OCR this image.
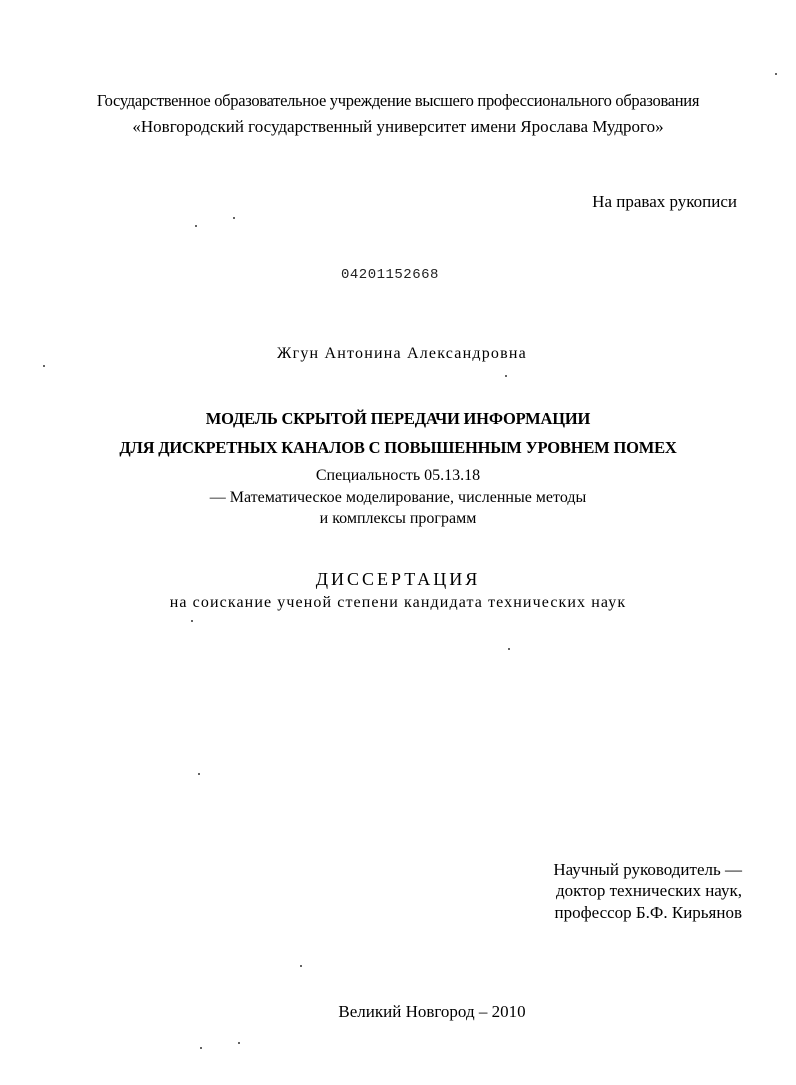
Государственное образовательное учреждение высшего профессионального образования
«Новгородский государственный университет имени Ярослава Мудрого»
На правах рукописи
04201152668
Жгун Антонина Александровна
МОДЕЛЬ СКРЫТОЙ ПЕРЕДАЧИ ИНФОРМАЦИИ
ДЛЯ ДИСКРЕТНЫХ КАНАЛОВ С ПОВЫШЕННЫМ УРОВНЕМ ПОМЕХ
Специальность 05.13.18
— Математическое моделирование, численные методы
и комплексы программ
ДИССЕРТАЦИЯ
на соискание ученой степени кандидата технических наук
Научный руководитель —
доктор технических наук,
профессор Б.Ф. Кирьянов
Великий Новгород – 2010
